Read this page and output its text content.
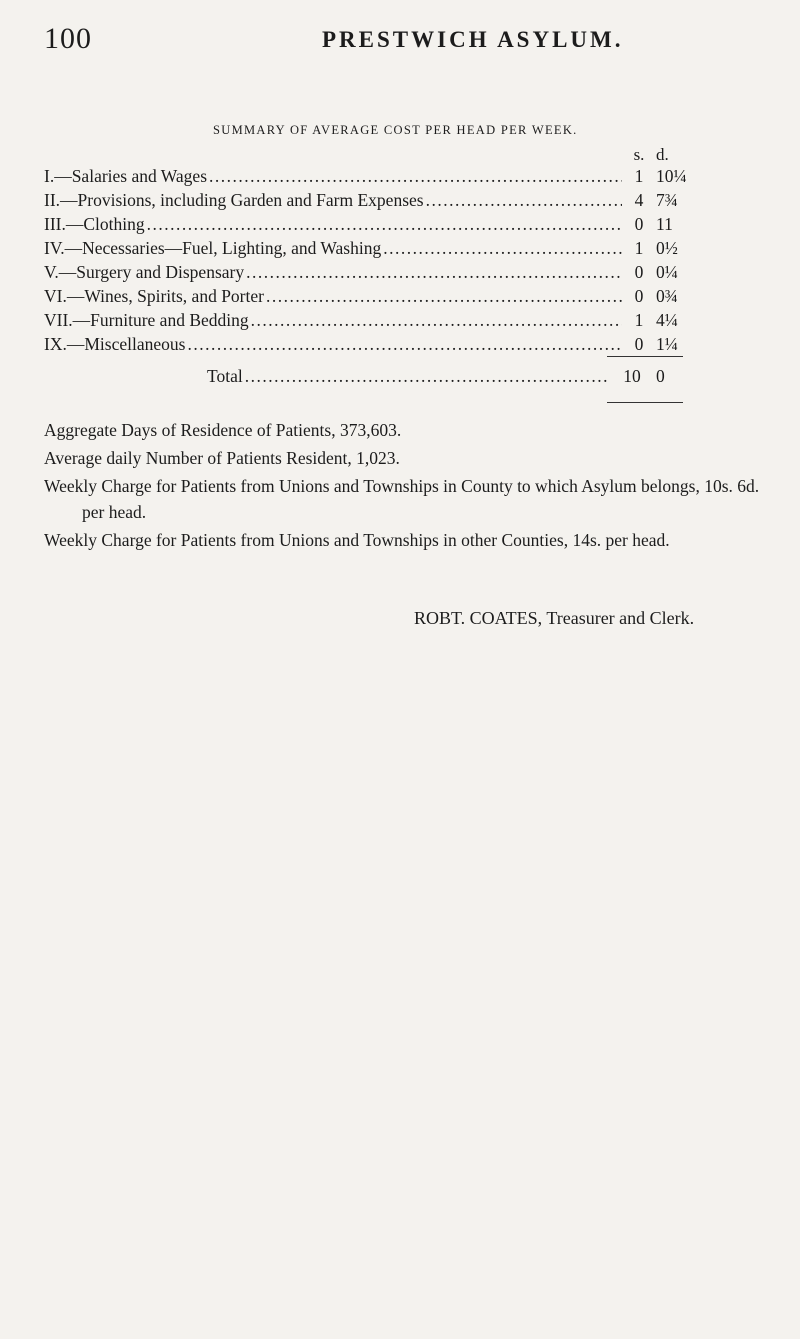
100	PRESTWICH ASYLUM.
SUMMARY OF AVERAGE COST PER HEAD PER WEEK.
s. d.
I.—Salaries and Wages .....	1 10¼
II.—Provisions, including Garden and Farm Expenses .....	4 7¾
III.—Clothing .....	0 11
IV.—Necessaries—Fuel, Lighting, and Washing .....	1 0½
V.—Surgery and Dispensary .....	0 0¼
VI.—Wines, Spirits, and Porter .....	0 0¾
VII.—Furniture and Bedding .....	1 4¼
IX.—Miscellaneous .....	0 1¼
Total .....	10 0
Aggregate Days of Residence of Patients, 373,603.
Average daily Number of Patients Resident, 1,023.
Weekly Charge for Patients from Unions and Townships in County to which Asylum belongs, 10s. 6d. per head.
Weekly Charge for Patients from Unions and Townships in other Counties, 14s. per head.
ROBT. COATES, Treasurer and Clerk.
